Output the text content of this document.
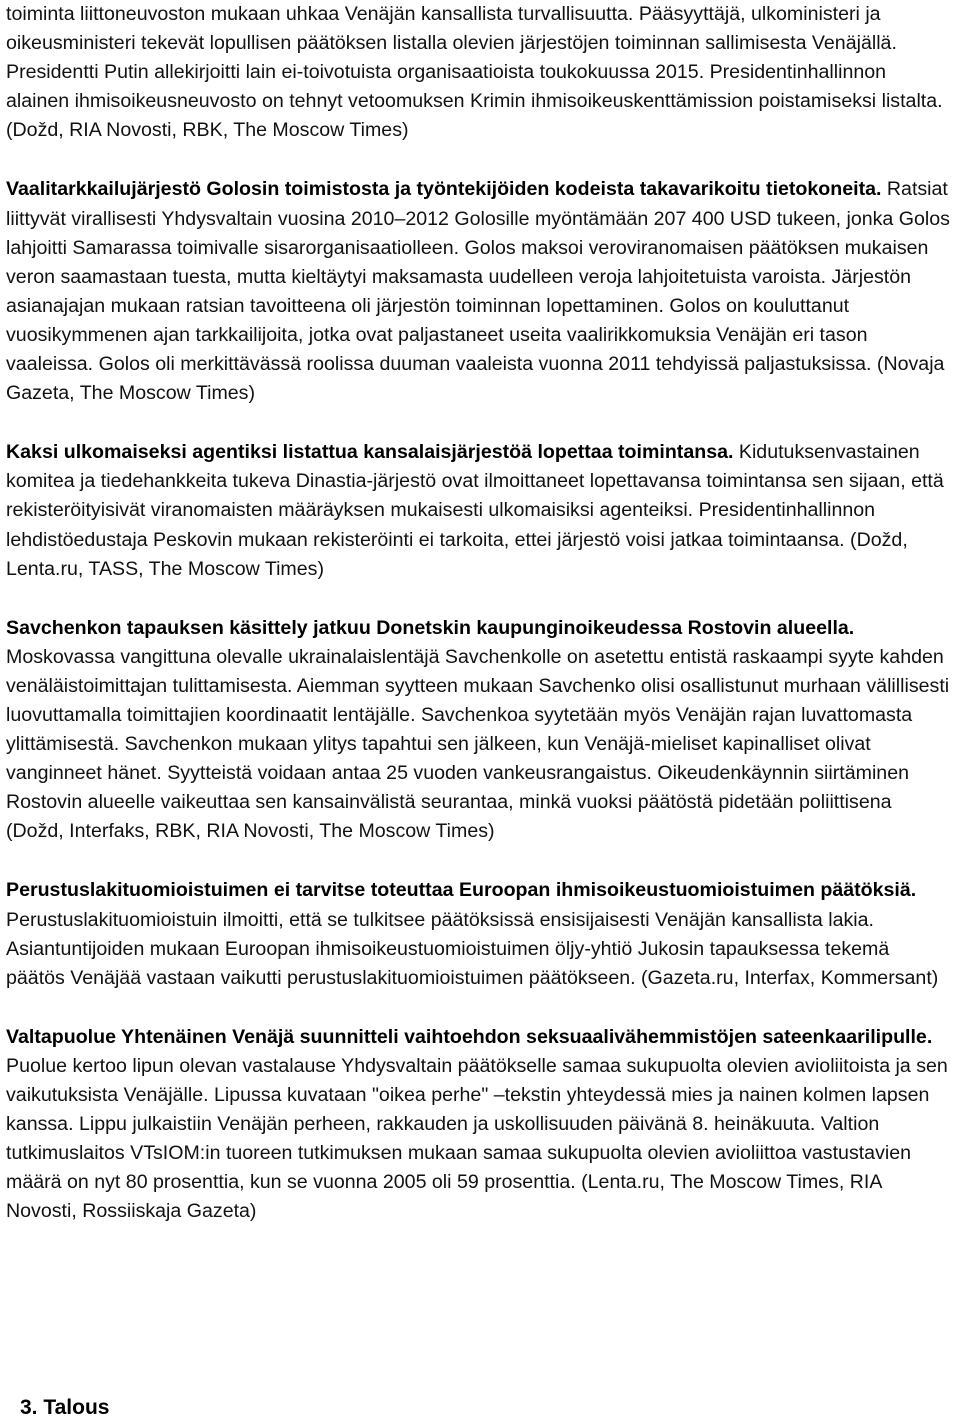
toiminta liittoneuvoston mukaan uhkaa Venäjän kansallista turvallisuutta. Pääsyyttäjä, ulkoministeri ja oikeusministeri tekevät lopullisen päätöksen listalla olevien järjestöjen toiminnan sallimisesta Venäjällä. Presidentti Putin allekirjoitti lain ei-toivotuista organisaatioista toukokuussa 2015. Presidentinhallinnon alainen ihmisoikeusneuvosto on tehnyt vetoomuksen Krimin ihmisoikeuskenttämission poistamiseksi listalta. (Dožd, RIA Novosti, RBK, The Moscow Times)

Vaalitarkkailujärjestö Golosin toimistosta ja työntekijöiden kodeista takavarikoitu tietokoneita. Ratsiat liittyvät virallisesti Yhdysvaltain vuosina 2010–2012 Golosille myöntämään 207 400 USD tukeen, jonka Golos lahjoitti Samarassa toimivalle sisarorganisaatiolleen. Golos maksoi veroviranomaisen päätöksen mukaisen veron saamastaan tuesta, mutta kieltäytyi maksamasta uudelleen veroja lahjoitetuista varoista. Järjestön asianajajan mukaan ratsian tavoitteena oli järjestön toiminnan lopettaminen. Golos on kouluttanut vuosikymmenen ajan tarkkailijoita, jotka ovat paljastaneet useita vaalirikkomuksia Venäjän eri tason vaaleissa. Golos oli merkittävässä roolissa duuman vaaleista vuonna 2011 tehdyissä paljastuksissa. (Novaja Gazeta, The Moscow Times)

Kaksi ulkomaiseksi agentiksi listattua kansalaisjärjestöä lopettaa toimintansa. Kidutuksenvastainen komitea ja tiedehankkeita tukeva Dinastia-järjestö ovat ilmoittaneet lopettavansa toimintansa sen sijaan, että rekisteröityisivät viranomaisten määräyksen mukaisesti ulkomaisiksi agenteiksi. Presidentinhallinnon lehdistöedustaja Peskovin mukaan rekisteröinti ei tarkoita, ettei järjestö voisi jatkaa toimintaansa. (Dožd, Lenta.ru, TASS, The Moscow Times)

Savchenkon tapauksen käsittely jatkuu Donetskin kaupunginoikeudessa Rostovin alueella. Moskovassa vangittuna olevalle ukrainalaislentäjä Savchenkolle on asetettu entistä raskaampi syyte kahden venäläistoimittajan tulittamisesta. Aiemman syytteen mukaan Savchenko olisi osallistunut murhaan välillisesti luovuttamalla toimittajien koordinaatit lentäjälle. Savchenkoa syytetään myös Venäjän rajan luvattomasta ylittämisestä. Savchenkon mukaan ylitys tapahtui sen jälkeen, kun Venäjä-mieliset kapinalliset olivat vanginneet hänet. Syytteistä voidaan antaa 25 vuoden vankeusrangaistus. Oikeudenkäynnin siirtäminen Rostovin alueelle vaikeuttaa sen kansainvälistä seurantaa, minkä vuoksi päätöstä pidetään poliittisena (Dožd, Interfaks, RBK, RIA Novosti, The Moscow Times)

Perustuslakituomioistuimen ei tarvitse toteuttaa Euroopan ihmisoikeustuomioistuimen päätöksiä. Perustuslakituomioistuin ilmoitti, että se tulkitsee päätöksissä ensisijaisesti Venäjän kansallista lakia. Asiantuntijoiden mukaan Euroopan ihmisoikeustuomioistuimen öljy-yhtiö Jukosin tapauksessa tekemä päätös Venäjää vastaan vaikutti perustuslakituomioistuimen päätökseen. (Gazeta.ru, Interfax, Kommersant)

Valtapuolue Yhtenäinen Venäjä suunnitteli vaihtoehdon seksuaalivähemmistöjen sateenkaarilipulle. Puolue kertoo lipun olevan vastalause Yhdysvaltain päätökselle samaa sukupuolta olevien avioliitoista ja sen vaikutuksista Venäjälle. Lipussa kuvataan "oikea perhe" –tekstin yhteydessä mies ja nainen kolmen lapsen kanssa. Lippu julkaistiin Venäjän perheen, rakkauden ja uskollisuuden päivänä 8. heinäkuuta. Valtion tutkimuslaitos VTsIOM:in tuoreen tutkimuksen mukaan samaa sukupuolta olevien avioliittoa vastustavien määrä on nyt 80 prosenttia, kun se vuonna 2005 oli 59 prosenttia. (Lenta.ru, The Moscow Times, RIA Novosti, Rossiiskaja Gazeta)

3. Talous
